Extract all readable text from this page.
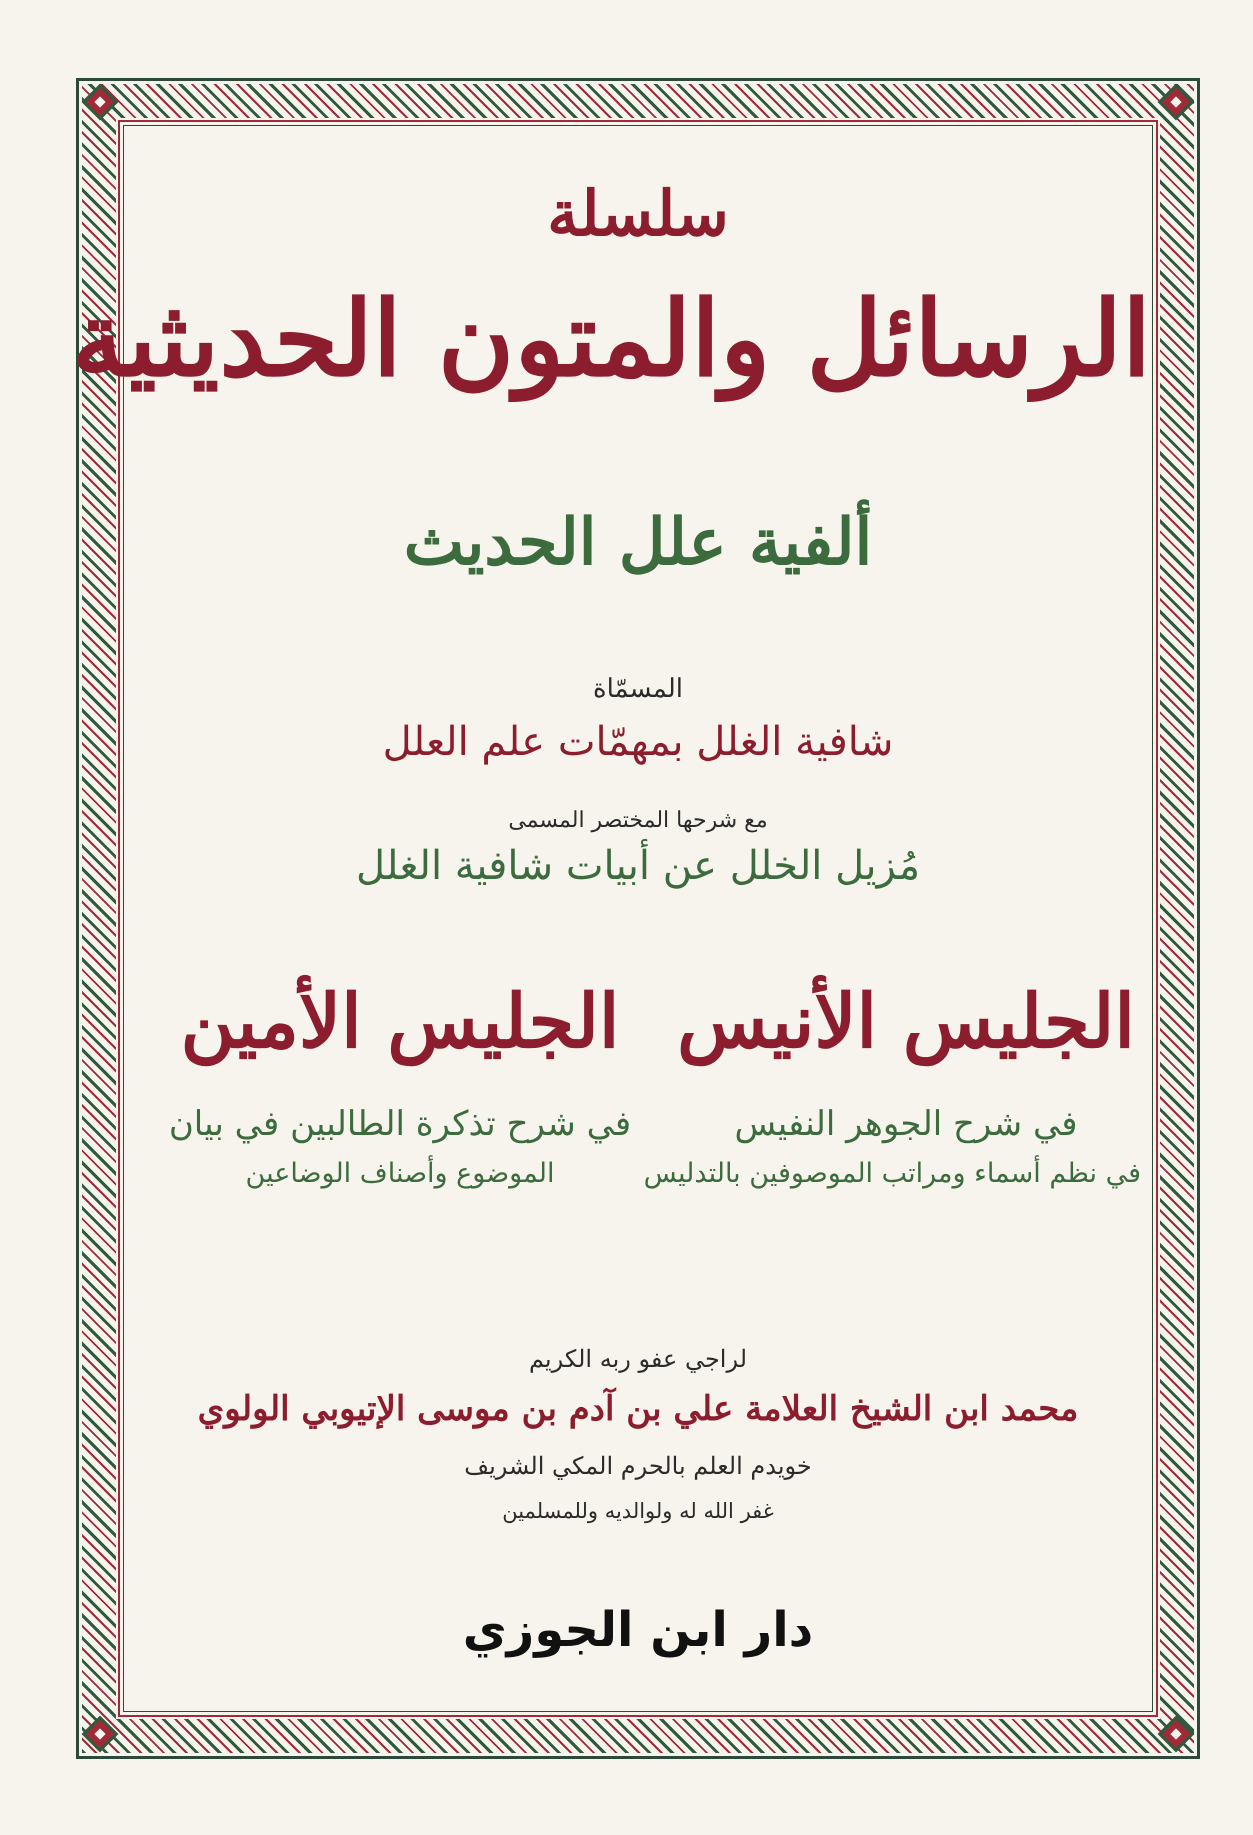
سلسلة
الرسائل والمتون الحديثية
ألفية علل الحديث
المسمّاة
شافية الغلل بمهمّات علم العلل
مع شرحها المختصر المسمى
مُزيل الخلل عن أبيات شافية الغلل
الجليس الأنيس
في شرح الجوهر النفيس
في نظم أسماء ومراتب الموصوفين بالتدليس
الجليس الأمين
في شرح تذكرة الطالبين في بيان
الموضوع وأصناف الوضاعين
لراجي عفو ربه الكريم
محمد ابن الشيخ العلامة علي بن آدم بن موسى الإتيوبي الولوي
خويدم العلم بالحرم المكي الشريف
غفر الله له ولوالديه وللمسلمين
دار ابن الجوزي
